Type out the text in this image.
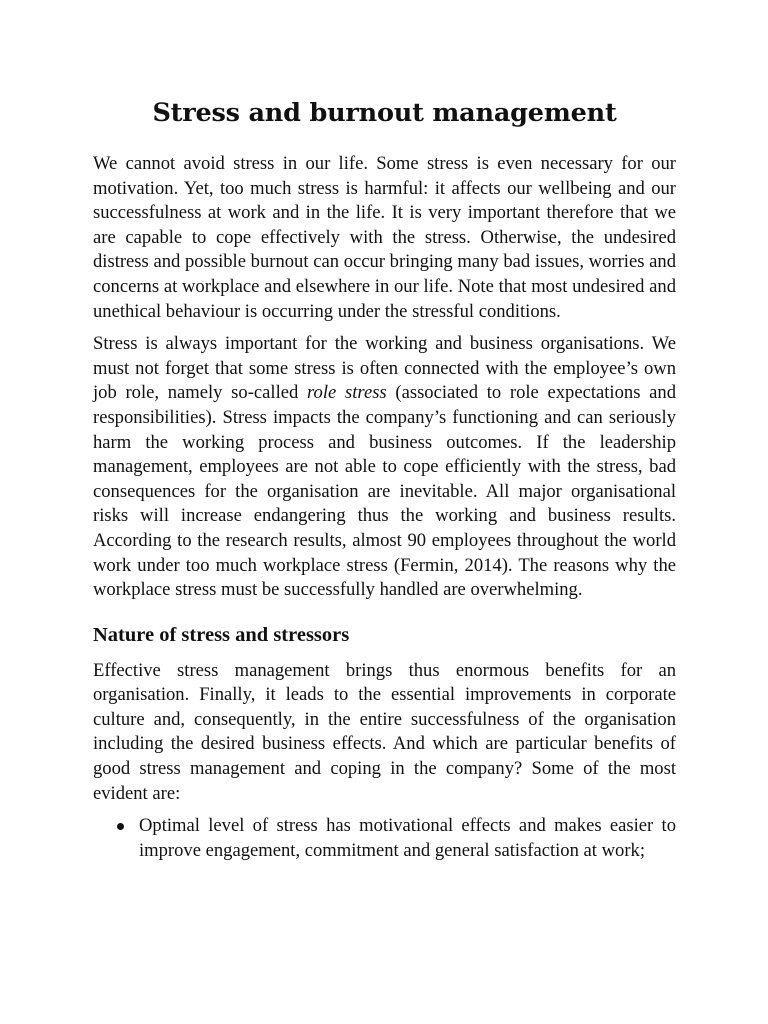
Stress and burnout management

We cannot avoid stress in our life. Some stress is even necessary for our motivation. Yet, too much stress is harmful: it affects our wellbeing and our successfulness at work and in the life. It is very important therefore that we are capable to cope effectively with the stress. Otherwise, the undesired distress and possible burnout can occur bringing many bad issues, worries and concerns at workplace and elsewhere in our life. Note that most undesired and unethical behaviour is occurring under the stressful conditions.

Stress is always important for the working and business organisations. We must not forget that some stress is often connected with the employee’s own job role, namely so-called role stress (associated to role expectations and responsibilities). Stress impacts the company’s functioning and can seriously harm the working process and business outcomes. If the leadership management, employees are not able to cope efficiently with the stress, bad consequences for the organisation are inevitable. All major organisational risks will increase endangering thus the working and business results. According to the research results, almost 90 employees throughout the world work under too much workplace stress (Fermin, 2014). The reasons why the workplace stress must be successfully handled are overwhelming.

Nature of stress and stressors

Effective stress management brings thus enormous benefits for an organisation. Finally, it leads to the essential improvements in corporate culture and, consequently, in the entire successfulness of the organisation including the desired business effects. And which are particular benefits of good stress management and coping in the company? Some of the most evident are:

Optimal level of stress has motivational effects and makes easier to improve engagement, commitment and general satisfaction at work;
